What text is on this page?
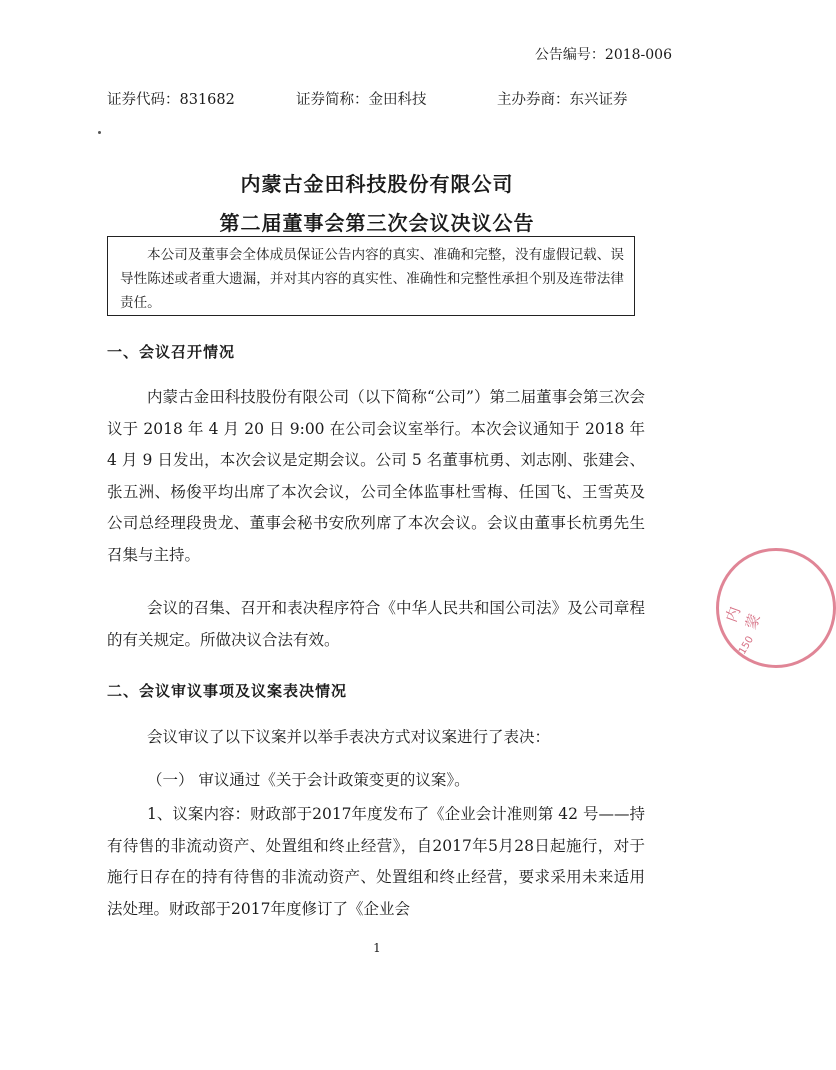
公告编号：2018-006
证券代码：831682	证券简称：金田科技	主办券商：东兴证券
内蒙古金田科技股份有限公司
第二届董事会第三次会议决议公告
本公司及董事会全体成员保证公告内容的真实、准确和完整，没有虚假记载、误导性陈述或者重大遗漏，并对其内容的真实性、准确性和完整性承担个别及连带法律责任。
一、会议召开情况
内蒙古金田科技股份有限公司（以下简称“公司”）第二届董事会第三次会议于 2018 年 4 月 20 日 9:00 在公司会议室举行。本次会议通知于 2018 年 4 月 9 日发出，本次会议是定期会议。公司 5 名董事杭勇、刘志刚、张建会、张五洲、杨俊平均出席了本次会议，公司全体监事杜雪梅、任国飞、王雪英及公司总经理段贵龙、董事会秘书安欣列席了本次会议。会议由董事长杭勇先生召集与主持。
会议的召集、召开和表决程序符合《中华人民共和国公司法》及公司章程的有关规定。所做决议合法有效。
二、会议审议事项及议案表决情况
会议审议了以下议案并以举手表决方式对议案进行了表决：
（一） 审议通过《关于会计政策变更的议案》。
1、议案内容：财政部于2017年度发布了《企业会计准则第 42 号——持有待售的非流动资产、处置组和终止经营》，自2017年5月28日起施行，对于施行日存在的持有待售的非流动资产、处置组和终止经营，要求采用未来适用法处理。财政部于2017年度修订了《企业会
1
内蒙
150
